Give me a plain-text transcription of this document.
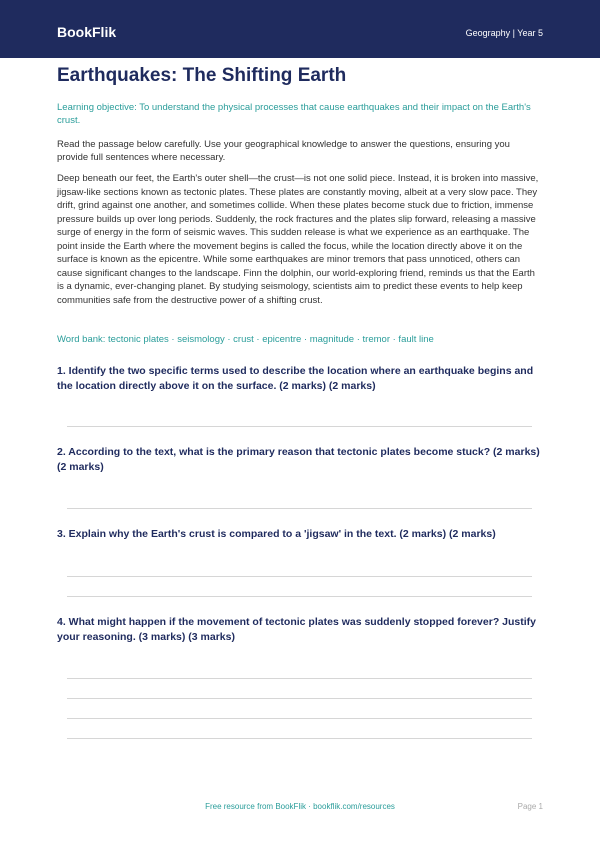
BookFlik	Geography | Year 5
Earthquakes: The Shifting Earth

Learning objective: To understand the physical processes that cause earthquakes and their impact on the Earth's crust.

Read the passage below carefully. Use your geographical knowledge to answer the questions, ensuring you provide full sentences where necessary.

Deep beneath our feet, the Earth's outer shell—the crust—is not one solid piece. Instead, it is broken into massive, jigsaw-like sections known as tectonic plates. These plates are constantly moving, albeit at a very slow pace. They drift, grind against one another, and sometimes collide. When these plates become stuck due to friction, immense pressure builds up over long periods. Suddenly, the rock fractures and the plates slip forward, releasing a massive surge of energy in the form of seismic waves. This sudden release is what we experience as an earthquake. The point inside the Earth where the movement begins is called the focus, while the location directly above it on the surface is known as the epicentre. While some earthquakes are minor tremors that pass unnoticed, others can cause significant changes to the landscape. Finn the dolphin, our world-exploring friend, reminds us that the Earth is a dynamic, ever-changing planet. By studying seismology, scientists aim to predict these events to help keep communities safe from the destructive power of a shifting crust.

Word bank: tectonic plates · seismology · crust · epicentre · magnitude · tremor · fault line

1. Identify the two specific terms used to describe the location where an earthquake begins and the location directly above it on the surface. (2 marks) (2 marks)

2. According to the text, what is the primary reason that tectonic plates become stuck? (2 marks) (2 marks)

3. Explain why the Earth's crust is compared to a 'jigsaw' in the text. (2 marks) (2 marks)

4. What might happen if the movement of tectonic plates was suddenly stopped forever? Justify your reasoning. (3 marks) (3 marks)

Free resource from BookFlik · bookflik.com/resources	Page 1
